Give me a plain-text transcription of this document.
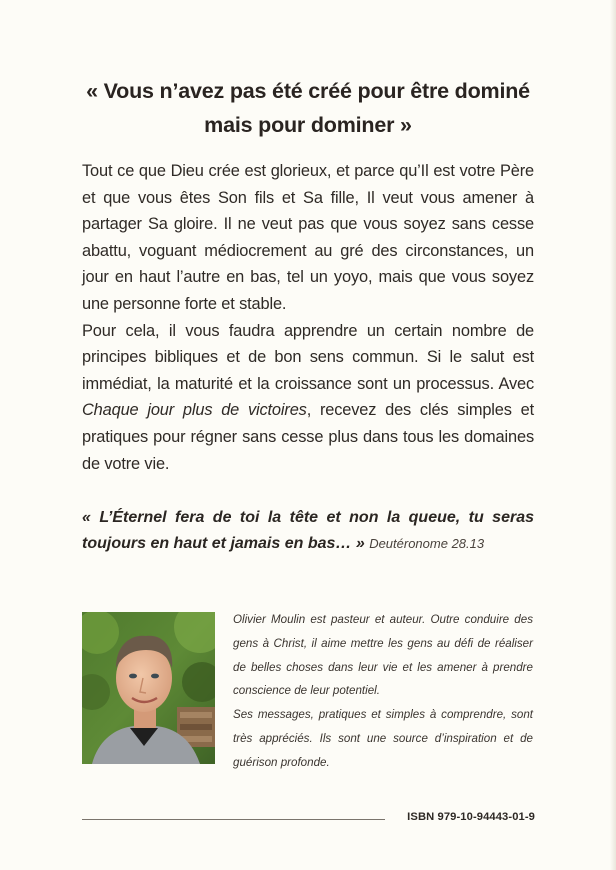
« Vous n’avez pas été créé pour être dominé
mais pour dominer »

Tout ce que Dieu crée est glorieux, et parce qu’Il est votre Père et que vous êtes Son fils et Sa fille, Il veut vous amener à partager Sa gloire. Il ne veut pas que vous soyez sans cesse abattu, voguant médiocrement au gré des circonstances, un jour en haut l’autre en bas, tel un yoyo, mais que vous soyez une personne forte et stable.

Pour cela, il vous faudra apprendre un certain nombre de principes bibliques et de bon sens commun. Si le salut est immédiat, la maturité et la croissance sont un processus. Avec Chaque jour plus de victoires, recevez des clés simples et pratiques pour régner sans cesse plus dans tous les domaines de votre vie.

« L’Éternel fera de toi la tête et non la queue, tu seras toujours en haut et jamais en bas… » Deutéronome 28.13

Olivier Moulin est pasteur et auteur. Outre conduire des gens à Christ, il aime mettre les gens au défi de réaliser de belles choses dans leur vie et les amener à prendre conscience de leur potentiel.

Ses messages, pratiques et simples à comprendre, sont très appréciés. Ils sont une source d’inspiration et de guérison profonde.

ISBN 979-10-94443-01-9
